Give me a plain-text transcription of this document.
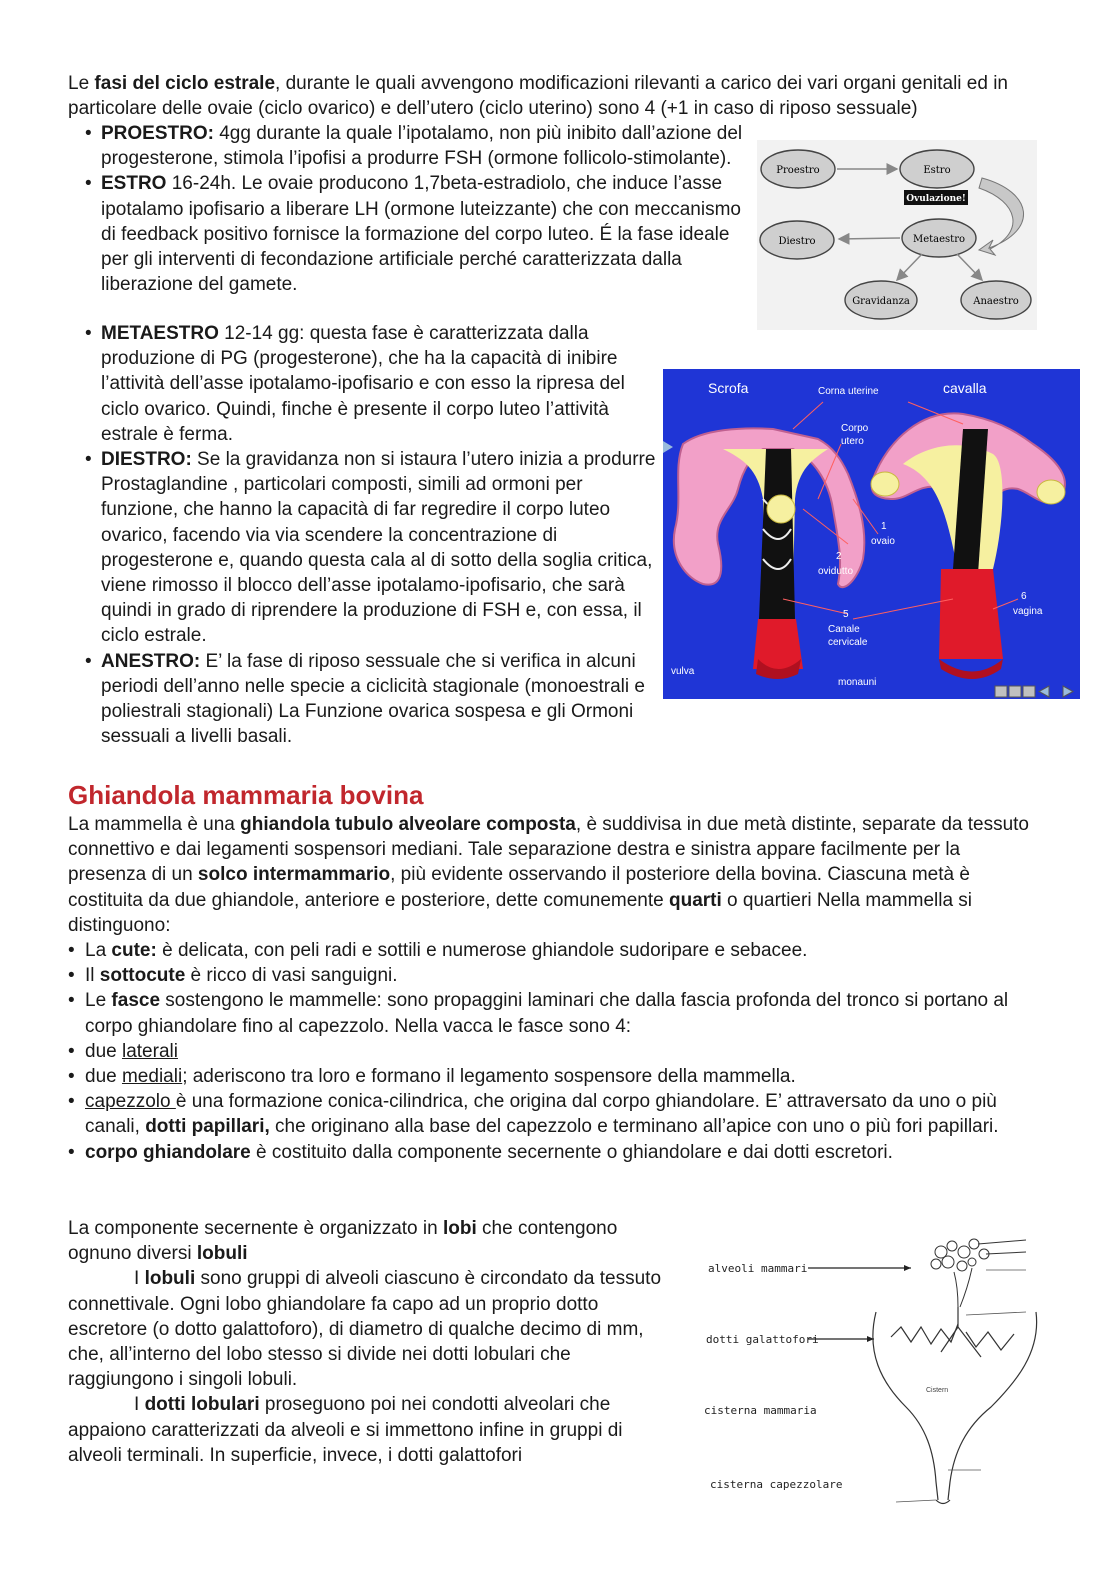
Le fasi del ciclo estrale, durante le quali avvengono modificazioni rilevanti a carico dei vari organi genitali ed in particolare delle ovaie (ciclo ovarico) e dell’utero (ciclo uterino) sono 4 (+1 in caso di riposo sessuale)

• PROESTRO: 4gg durante la quale l’ipotalamo, non più inibito dall’azione del progesterone, stimola l’ipofisi a produrre FSH (ormone follicolo-stimolante).
• ESTRO 16-24h. Le ovaie producono 1,7beta-estradiolo, che induce l’asse ipotalamo ipofisario a liberare LH (ormone luteizzante) che con meccanismo di feedback positivo fornisce la formazione del corpo luteo. É la fase ideale per gli interventi di fecondazione artificiale perché caratterizzata dalla liberazione del gamete.
• METAESTRO 12-14 gg: questa fase è caratterizzata dalla produzione di PG (progesterone), che ha la capacità di inibire l’attività dell’asse ipotalamo-ipofisario e con esso la ripresa del ciclo ovarico. Quindi, finche è presente il corpo luteo l’attività estrale è ferma.
• DIESTRO: Se la gravidanza non si istaura l’utero inizia a produrre Prostaglandine , particolari composti, simili ad ormoni per funzione, che hanno la capacità di far regredire il corpo luteo ovarico, facendo via via scendere la concentrazione di progesterone e, quando questa cala al di sotto della soglia critica, viene rimosso il blocco dell’asse ipotalamo-ipofisario, che sarà quindi in grado di riprendere la produzione di FSH e, con essa, il ciclo estrale.
• ANESTRO: E’ la fase di riposo sessuale che si verifica in alcuni periodi dell’anno nelle specie a ciclicità stagionale (monoestrali e poliestrali stagionali) La Funzione ovarica sospesa e gli Ormoni sessuali a livelli basali.
Proestro	Estro
Ovulazione!
Diestro	Metaestro
Gravidanza	Anaestro
Scrofa	cavalla
Corna uterine
Corpo
utero
1
ovaio
2
ovidutto
5
Canale
cervicale
6
vagina
vulva
monauni
Ghiandola mammaria bovina

La mammella è una ghiandola tubulo alveolare composta, è suddivisa in due metà distinte, separate da tessuto connettivo e dai legamenti sospensori mediani. Tale separazione destra e sinistra appare facilmente per la presenza di un solco intermammario, più evidente osservando il posteriore della bovina. Ciascuna metà è costituita da due ghiandole, anteriore e posteriore, dette comunemente quarti o quartieri Nella mammella si distinguono:

• La cute: è delicata, con peli radi e sottili e numerose ghiandole sudoripare e sebacee.
• Il sottocute è ricco di vasi sanguigni.
• Le fasce sostengono le mammelle: sono propaggini laminari che dalla fascia profonda del tronco si portano al corpo ghiandolare fino al capezzolo. Nella vacca le fasce sono 4:
• due laterali
• due mediali; aderiscono tra loro e formano il legamento sospensore della mammella.
• capezzolo è una formazione conica-cilindrica, che origina dal corpo ghiandolare. E’ attraversato da uno o più canali, dotti papillari, che originano alla base del capezzolo e terminano all’apice con uno o più fori papillari.
• corpo ghiandolare è costituito dalla componente secernente o ghiandolare e dai dotti escretori.

La componente secernente è organizzato in lobi che contengono ognuno diversi lobuli

I lobuli sono gruppi di alveoli ciascuno è circondato da tessuto connettivale. Ogni lobo ghiandolare fa capo ad un proprio dotto escretore (o dotto galattoforo), di diametro di qualche decimo di mm, che, all’interno del lobo stesso si divide nei dotti lobulari che raggiungono i singoli lobuli.

I dotti lobulari proseguono poi nei condotti alveolari che appaiono caratterizzati da alveoli e si immettono infine in gruppi di alveoli terminali. In superficie, invece, i dotti galattofori

alveoli mammari
dotti galattofori
cisterna mammaria
cisterna capezzolare
Cistern
